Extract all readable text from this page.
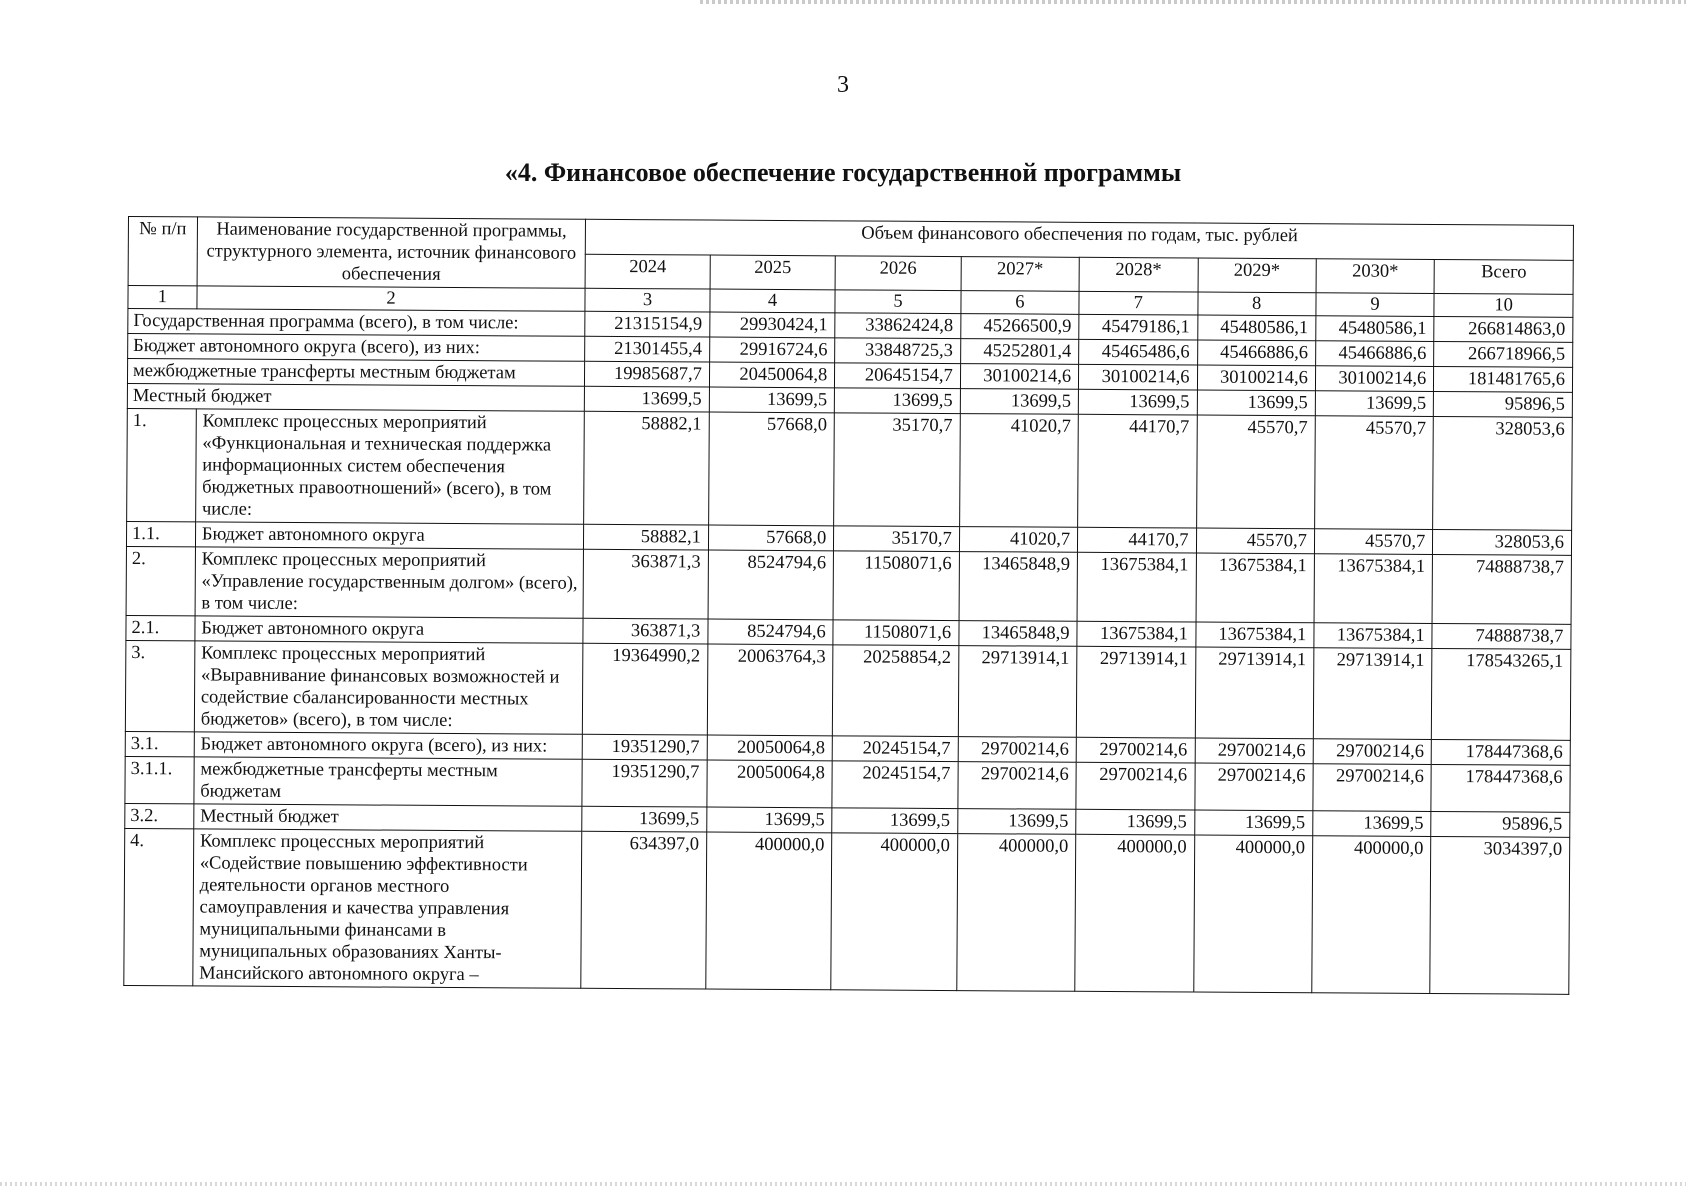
3
«4. Финансовое обеспечение государственной программы
№ п/п	Наименование государственной программы, структурного элемента, источник финансового обеспечения	Объем финансового обеспечения по годам, тыс. рублей							
		2024	2025	2026	2027*	2028*	2029*	2030*	Всего
1	2	3	4	5	6	7	8	9	10
Государственная программа (всего), в том числе:		21315154,9	29930424,1	33862424,8	45266500,9	45479186,1	45480586,1	45480586,1	266814863,0
Бюджет автономного округа (всего), из них:		21301455,4	29916724,6	33848725,3	45252801,4	45465486,6	45466886,6	45466886,6	266718966,5
межбюджетные трансферты местным бюджетам		19985687,7	20450064,8	20645154,7	30100214,6	30100214,6	30100214,6	30100214,6	181481765,6
Местный бюджет		13699,5	13699,5	13699,5	13699,5	13699,5	13699,5	13699,5	95896,5
1.	Комплекс процессных мероприятий «Функциональная и техническая поддержка информационных систем обеспечения бюджетных правоотношений» (всего), в том числе:	58882,1	57668,0	35170,7	41020,7	44170,7	45570,7	45570,7	328053,6
1.1.	Бюджет автономного округа	58882,1	57668,0	35170,7	41020,7	44170,7	45570,7	45570,7	328053,6
2.	Комплекс процессных мероприятий «Управление государственным долгом» (всего), в том числе:	363871,3	8524794,6	11508071,6	13465848,9	13675384,1	13675384,1	13675384,1	74888738,7
2.1.	Бюджет автономного округа	363871,3	8524794,6	11508071,6	13465848,9	13675384,1	13675384,1	13675384,1	74888738,7
3.	Комплекс процессных мероприятий «Выравнивание финансовых возможностей и содействие сбалансированности местных бюджетов» (всего), в том числе:	19364990,2	20063764,3	20258854,2	29713914,1	29713914,1	29713914,1	29713914,1	178543265,1
3.1.	Бюджет автономного округа (всего), из них:	19351290,7	20050064,8	20245154,7	29700214,6	29700214,6	29700214,6	29700214,6	178447368,6
3.1.1.	межбюджетные трансферты местным бюджетам	19351290,7	20050064,8	20245154,7	29700214,6	29700214,6	29700214,6	29700214,6	178447368,6
3.2.	Местный бюджет	13699,5	13699,5	13699,5	13699,5	13699,5	13699,5	13699,5	95896,5
4.	Комплекс процессных мероприятий «Содействие повышению эффективности деятельности органов местного самоуправления и качества управления муниципальными финансами в муниципальных образованиях Ханты-Мансийского автономного округа –	634397,0	400000,0	400000,0	400000,0	400000,0	400000,0	400000,0	3034397,0
